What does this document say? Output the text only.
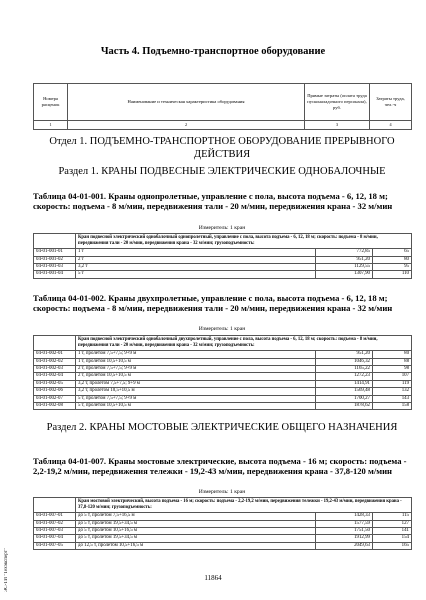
Часть 4. Подъемно-транспортное оборудование
Номера расценок	Наименование и техническая характеристика оборудования	Прямые затраты (оплата труда пусконаладочного персонала), руб.	Затраты труда, чел.-ч
1	2	3	4
Отдел 1. ПОДЪЕМНО-ТРАНСПОРТНОЕ ОБОРУДОВАНИЕ ПРЕРЫВНОГО ДЕЙСТВИЯ
Раздел 1. КРАНЫ ПОДВЕСНЫЕ ЭЛЕКТРИЧЕСКИЕ ОДНОБАЛОЧНЫЕ
Таблица 04-01-001. Краны однопролетные, управление с пола, высота подъема - 6, 12, 18 м; скорость: подъема - 8 м/мин, передвижения тали - 20 м/мин, передвижения крана - 32 м/мин
Измеритель: 1 кран
	Кран подвесной электрический однобалочный однопролетный, управление с пола, высота подъема - 6, 12, 18 м; скорость: подъема - 8 м/мин, передвижения тали - 20 м/мин, передвижения крана - 32 м/мин; грузоподъемность:		
04-01-001-01	1 т	772,85	65
04-01-001-02	2 т	951,20	80
04-01-001-03	3,2 т	1129,55	95
04-01-001-04	5 т	1307,90	110
Таблица 04-01-002. Краны двухпролетные, управление с пола, высота подъема - 6, 12, 18 м; скорость: подъема - 8 м/мин, передвижения тали - 20 м/мин, передвижения крана - 32 м/мин
Измеритель: 1 кран
	Кран подвесной электрический однобалочный двухпролетный, управление с пола, высота подъема - 6, 12, 18 м; скорость: подъема - 8 м/мин, передвижения тали - 20 м/мин, передвижения крана - 32 м/мин; грузоподъемность:		
04-01-002-01	1 т, пролетом 7,5+7,5; 9+9 м	951,20	80
04-01-002-02	1 т, пролетом 10,5+10,5 м	1046,32	88
04-01-002-03	2 т, пролетом 7,5+7,5; 9+9 м	1165,22	98
04-01-002-04	2 т, пролетом 10,5+10,5 м	1272,23	107
04-01-002-05	3,2 т, пролетом 7,5+7,5; 9+9 м	1414,91	119
04-01-002-06	3,2 т, пролетом 10,5+10,5 м	1569,48	132
04-01-002-07	5 т, пролетом 7,5+7,5; 9+9 м	1700,27	143
04-01-002-08	5 т, пролетом 10,5+10,5 м	1878,62	158
Раздел 2. КРАНЫ МОСТОВЫЕ ЭЛЕКТРИЧЕСКИЕ ОБЩЕГО НАЗНАЧЕНИЯ
Таблица 04-01-007. Краны мостовые электрические, высота подъема - 16 м; скорость: подъема - 2,2-19,2 м/мин, передвижения тележки - 19,2-43 м/мин, передвижения крана - 37,8-120 м/мин
Измеритель: 1 кран
	Кран мостовой электрический, высота подъема - 16 м; скорость: подъема - 2,2-19,2 м/мин, передвижения тележки - 19,2-43 м/мин, передвижения крана - 37,8-120 м/мин; грузоподъемность:		
04-01-007-01	до 5 т, пролетом 7,5+16,5 м	1428,33	115
04-01-007-02	до 5 т, пролетом 19,5+34,5 м	1577,59	127
04-01-007-03	до 5 т, пролетом 10,5+16,5 м	1751,50	141
04-01-007-04	до 5 т, пролетом 19,5+34,5 м	1912,99	154
04-01-007-05	до 12,5 т, пролетом 10,5+16,5 м	2049,63	165
ЭС-ТИ "Техэксперт"	11864
